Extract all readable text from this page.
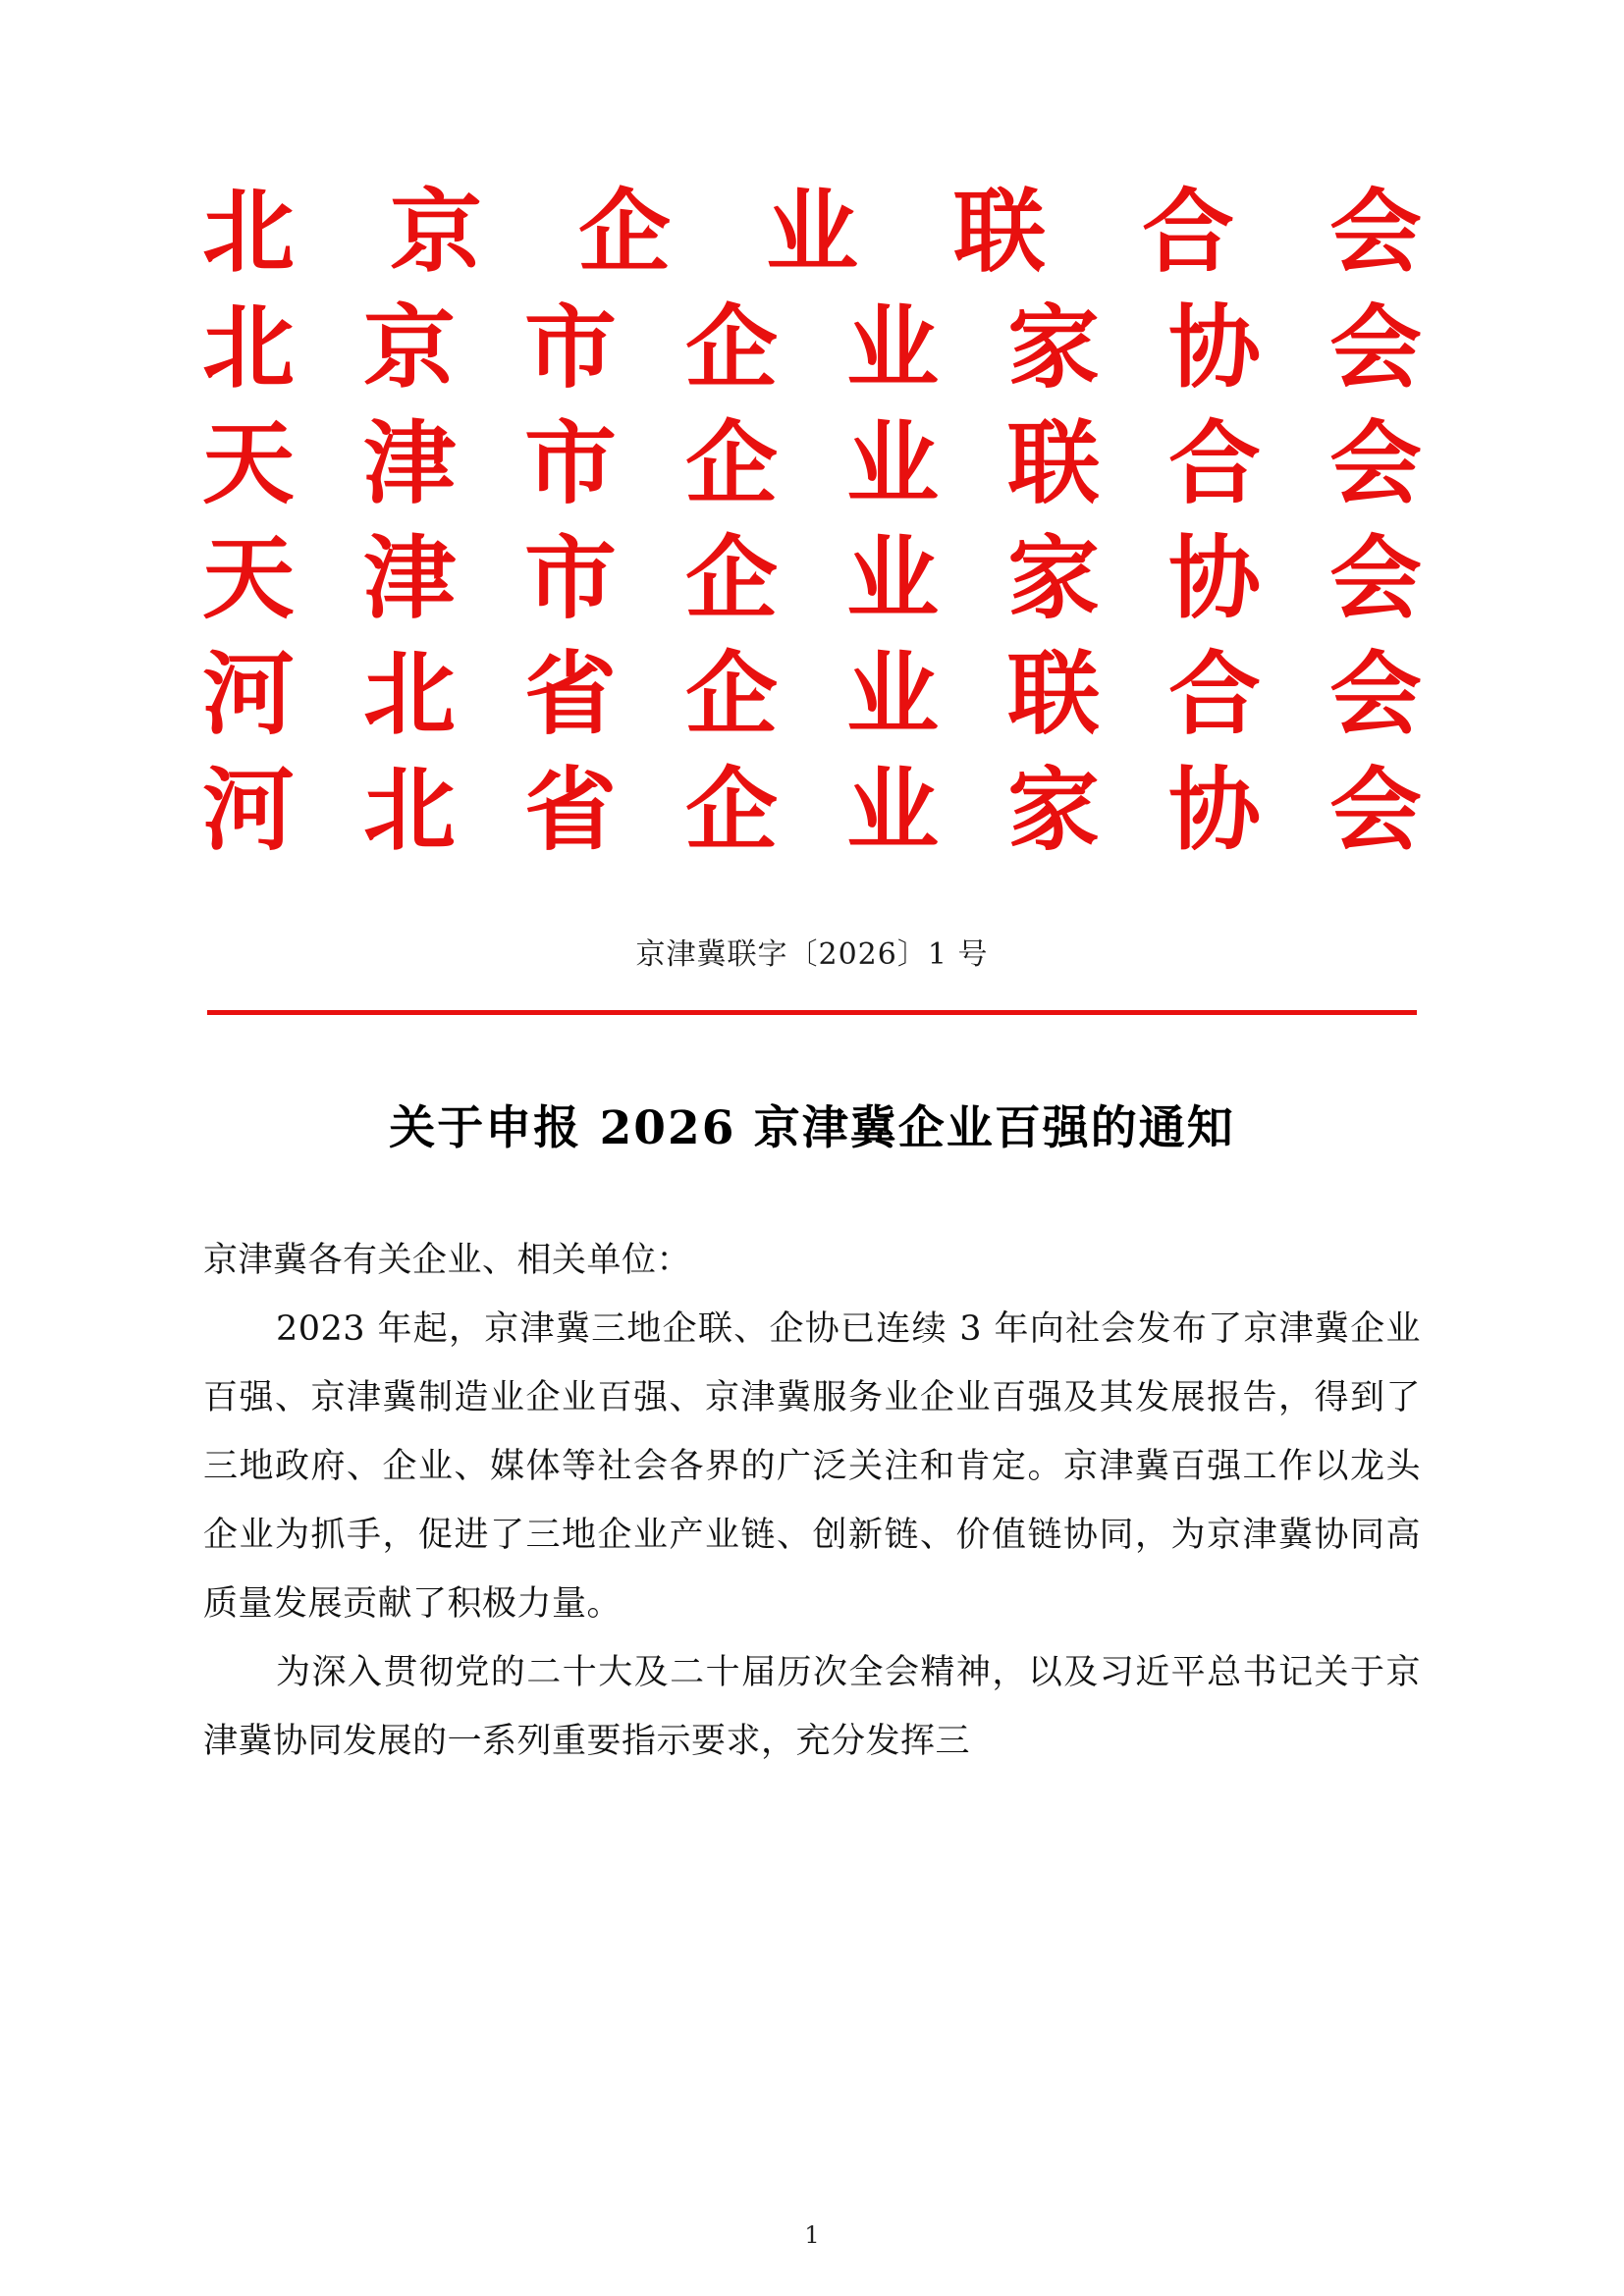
北 京 企 业 联 合 会
北 京 市 企 业 家 协 会
天 津 市 企 业 联 合 会
天 津 市 企 业 家 协 会
河 北 省 企 业 联 合 会
河 北 省 企 业 家 协 会
京津冀联字〔2026〕1 号
关于申报 2026 京津冀企业百强的通知

京津冀各有关企业、相关单位：

2023 年起，京津冀三地企联、企协已连续 3 年向社会发布了京津冀企业百强、京津冀制造业企业百强、京津冀服务业企业百强及其发展报告，得到了三地政府、企业、媒体等社会各界的广泛关注和肯定。京津冀百强工作以龙头企业为抓手，促进了三地企业产业链、创新链、价值链协同，为京津冀协同高质量发展贡献了积极力量。

为深入贯彻党的二十大及二十届历次全会精神，以及习近平总书记关于京津冀协同发展的一系列重要指示要求，充分发挥三

1
